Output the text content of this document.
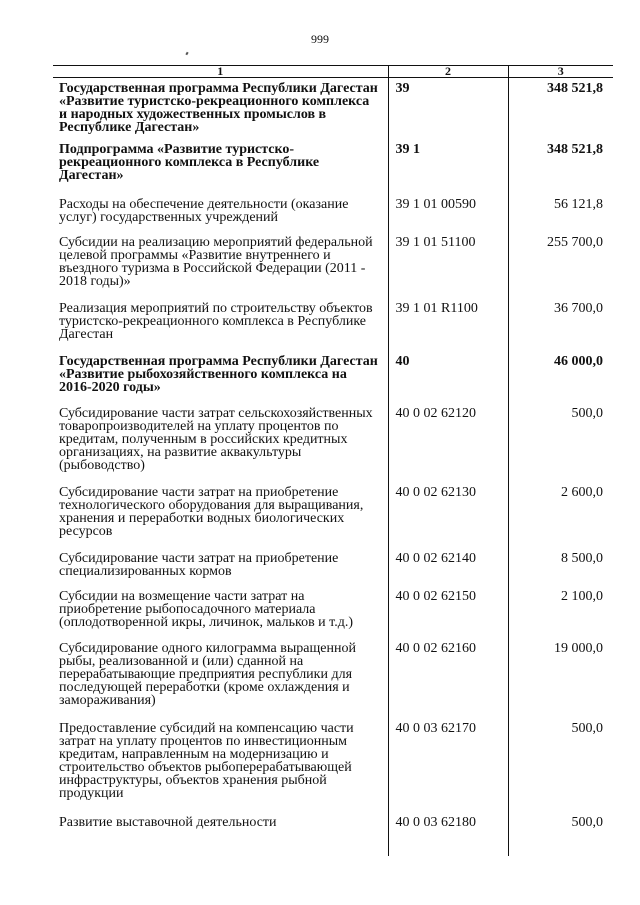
999
1	2	3
Государственная программа Республики Дагестан «Развитие туристско-рекреационного комплекса и народных художественных промыслов в Республике Дагестан»	39	348 521,8
Подпрограмма «Развитие туристско-рекреационного комплекса в Республике Дагестан»	39 1	348 521,8
Расходы на обеспечение деятельности (оказание услуг) государственных учреждений	39 1 01 00590	56 121,8
Субсидии на реализацию мероприятий федеральной целевой программы «Развитие внутреннего и въездного туризма в Российской Федерации (2011 - 2018 годы)»	39 1 01 51100	255 700,0
Реализация мероприятий по строительству объектов туристско-рекреационного комплекса в Республике Дагестан	39 1 01 R1100	36 700,0
Государственная программа Республики Дагестан «Развитие рыбохозяйственного комплекса на 2016-2020 годы»	40	46 000,0
Субсидирование части затрат сельскохозяйственных товаропроизводителей на уплату процентов по кредитам, полученным в российских кредитных организациях, на развитие аквакультуры (рыбоводство)	40 0 02 62120	500,0
Субсидирование части затрат на приобретение технологического оборудования для выращивания, хранения и переработки водных биологических ресурсов	40 0 02 62130	2 600,0
Субсидирование части затрат на приобретение специализированных кормов	40 0 02 62140	8 500,0
Субсидии на возмещение части затрат на приобретение рыбопосадочного материала (оплодотворенной икры, личинок, мальков и т.д.)	40 0 02 62150	2 100,0
Субсидирование одного килограмма выращенной рыбы, реализованной и (или) сданной на перерабатывающие предприятия республики для последующей переработки (кроме охлаждения и замораживания)	40 0 02 62160	19 000,0
Предоставление субсидий на компенсацию части затрат на уплату процентов по инвестиционным кредитам, направленным на модернизацию и строительство объектов рыбоперерабатывающей инфраструктуры, объектов хранения рыбной продукции	40 0 03 62170	500,0
Развитие выставочной деятельности	40 0 03 62180	500,0
